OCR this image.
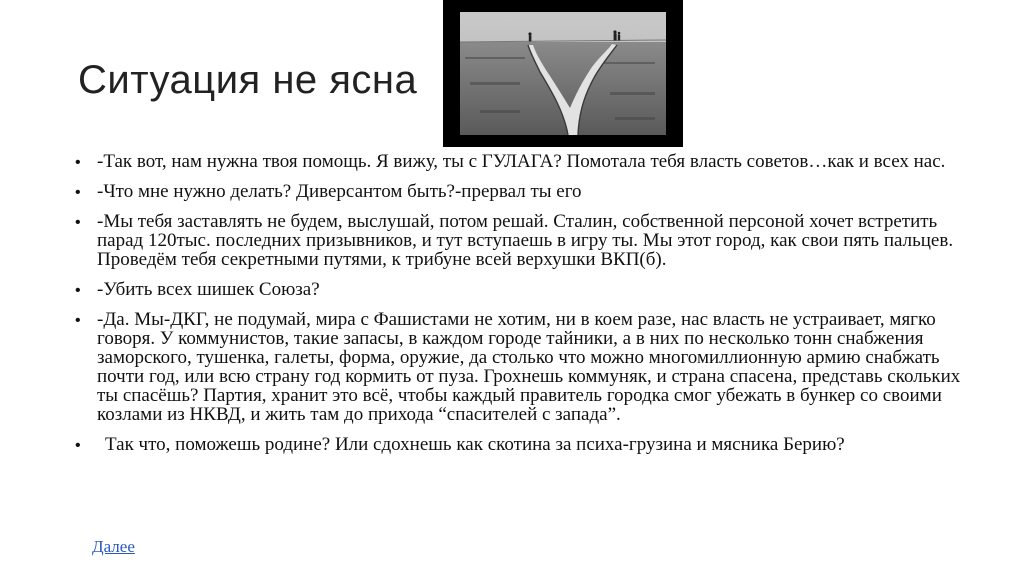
Ситуация не ясна
• -Так вот, нам нужна твоя помощь. Я вижу, ты с ГУЛАГА? Помотала тебя власть советов…как и всех нас.
• -Что мне нужно делать? Диверсантом быть?-прервал ты его
• -Мы тебя заставлять не будем, выслушай, потом решай. Сталин, собственной персоной хочет встретить парад 120тыс. последних призывников, и тут вступаешь в игру ты. Мы этот город, как свои пять пальцев. Проведём тебя секретными путями, к трибуне всей верхушки ВКП(б).
• -Убить всех шишек Союза?
• -Да. Мы-ДКГ, не подумай, мира с Фашистами не хотим, ни в коем разе, нас власть не устраивает, мягко говоря. У коммунистов, такие запасы, в каждом городе тайники, а в них по несколько тонн снабжения заморского, тушенка, галеты, форма, оружие, да столько что можно многомиллионную армию снабжать почти год, или всю страну год кормить от пуза. Грохнешь коммуняк, и страна спасена, представь скольких ты спасёшь? Партия, хранит это всё, чтобы каждый правитель городка смог убежать в бункер со своими козлами из НКВД, и жить там до прихода “спасителей с запада”.
• Так что, поможешь родине? Или сдохнешь как скотина за психа-грузина и мясника Берию?
Далее
